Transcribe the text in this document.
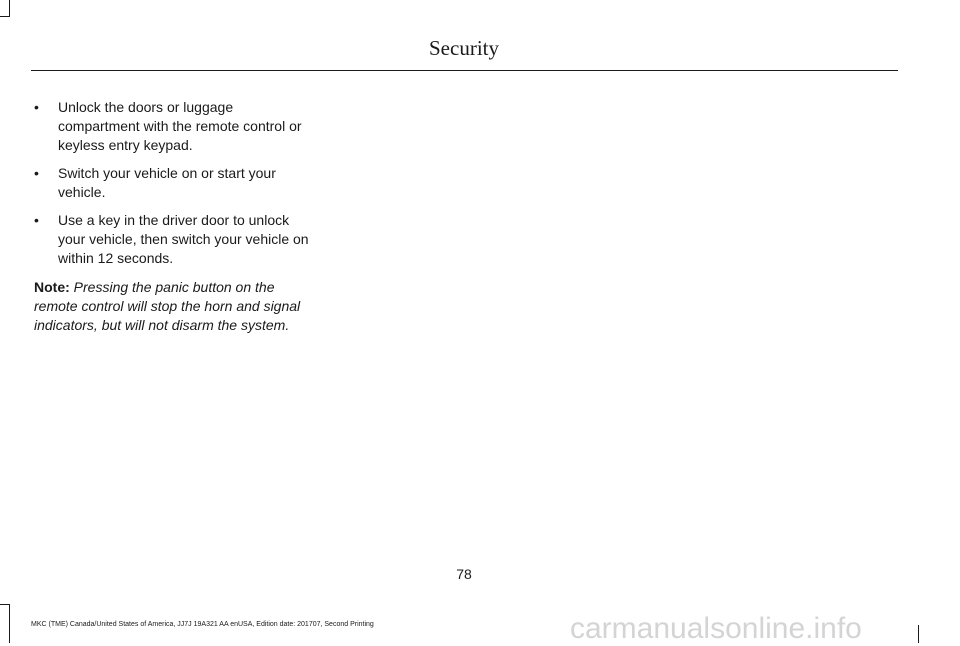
Security
• Unlock the doors or luggage compartment with the remote control or keyless entry keypad.
• Switch your vehicle on or start your vehicle.
• Use a key in the driver door to unlock your vehicle, then switch your vehicle on within 12 seconds.

Note: Pressing the panic button on the remote control will stop the horn and signal indicators, but will not disarm the system.

78
MKC (TME) Canada/United States of America, JJ7J 19A321 AA enUSA, Edition date: 201707, Second Printing	carmanualsonline.info
